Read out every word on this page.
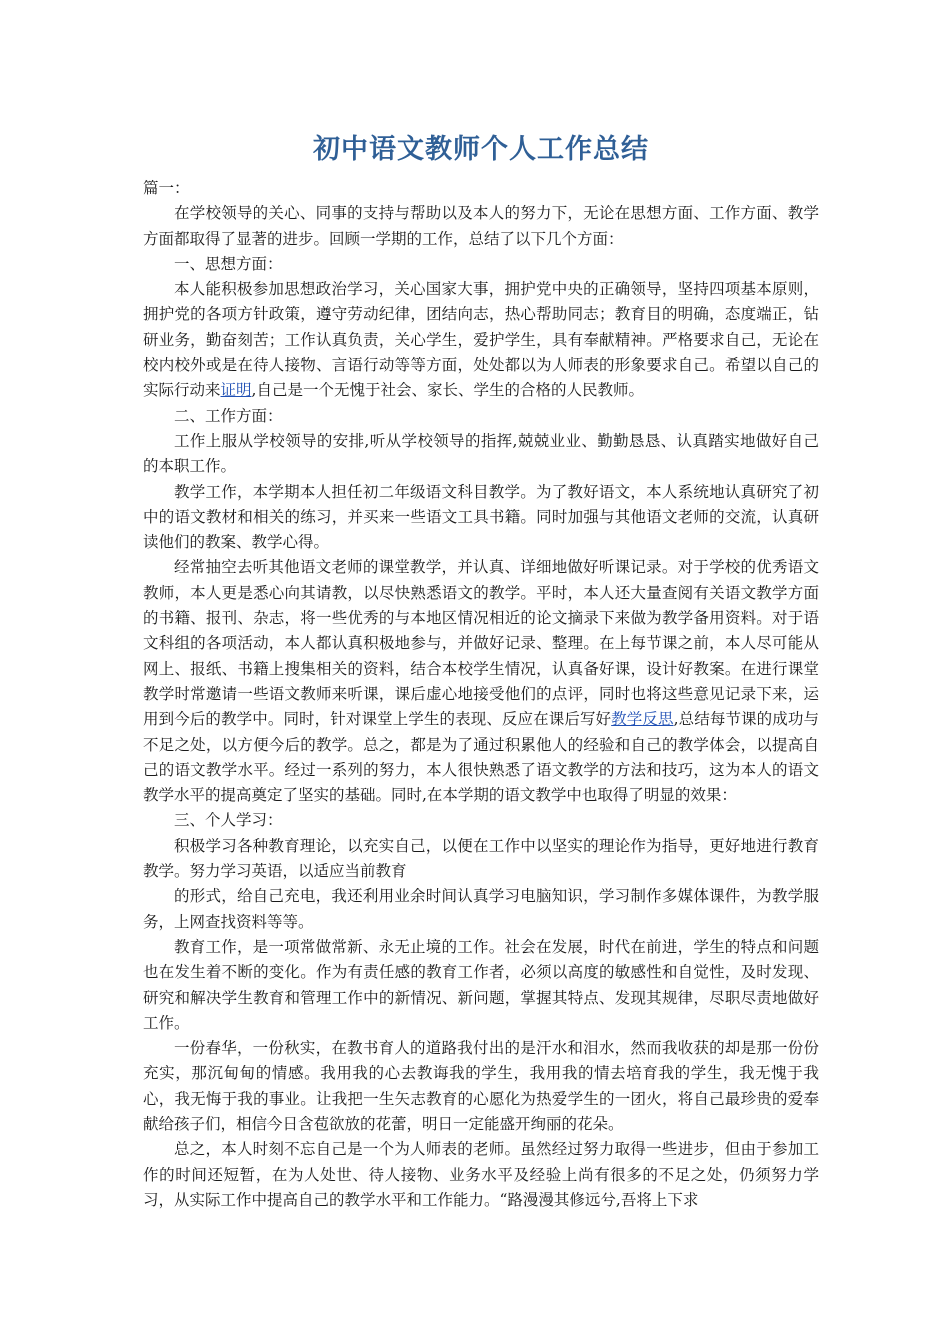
初中语文教师个人工作总结

篇一：

在学校领导的关心、同事的支持与帮助以及本人的努力下，无论在思想方面、工作方面、教学方面都取得了显著的进步。回顾一学期的工作，总结了以下几个方面：

一、思想方面：

本人能积极参加思想政治学习，关心国家大事，拥护党中央的正确领导，坚持四项基本原则，拥护党的各项方针政策，遵守劳动纪律，团结向志，热心帮助同志；教育目的明确，态度端正，钻研业务，勤奋刻苦；工作认真负责，关心学生，爱护学生，具有奉献精神。严格要求自己，无论在校内校外或是在待人接物、言语行动等等方面，处处都以为人师表的形象要求自己。希望以自己的实际行动来证明,自己是一个无愧于社会、家长、学生的合格的人民教师。

二、工作方面：

工作上服从学校领导的安排,听从学校领导的指挥,兢兢业业、勤勤恳恳、认真踏实地做好自己的本职工作。

教学工作，本学期本人担任初二年级语文科目教学。为了教好语文，本人系统地认真研究了初中的语文教材和相关的练习，并买来一些语文工具书籍。同时加强与其他语文老师的交流，认真研读他们的教案、教学心得。

经常抽空去听其他语文老师的课堂教学，并认真、详细地做好听课记录。对于学校的优秀语文教师，本人更是悉心向其请教，以尽快熟悉语文的教学。平时，本人还大量查阅有关语文教学方面的书籍、报刊、杂志，将一些优秀的与本地区情况相近的论文摘录下来做为教学备用资料。对于语文科组的各项活动，本人都认真积极地参与，并做好记录、整理。在上每节课之前，本人尽可能从网上、报纸、书籍上搜集相关的资料，结合本校学生情况，认真备好课，设计好教案。在进行课堂教学时常邀请一些语文教师来听课，课后虚心地接受他们的点评，同时也将这些意见记录下来，运用到今后的教学中。同时，针对课堂上学生的表现、反应在课后写好教学反思,总结每节课的成功与不足之处，以方便今后的教学。总之，都是为了通过积累他人的经验和自己的教学体会，以提高自己的语文教学水平。经过一系列的努力，本人很快熟悉了语文教学的方法和技巧，这为本人的语文教学水平的提高奠定了坚实的基础。同时,在本学期的语文教学中也取得了明显的效果：

三、个人学习：

积极学习各种教育理论，以充实自己，以便在工作中以坚实的理论作为指导，更好地进行教育教学。努力学习英语，以适应当前教育

的形式，给自己充电，我还利用业余时间认真学习电脑知识，学习制作多媒体课件，为教学服务，上网查找资料等等。

教育工作，是一项常做常新、永无止境的工作。社会在发展，时代在前进，学生的特点和问题也在发生着不断的变化。作为有责任感的教育工作者，必须以高度的敏感性和自觉性，及时发现、研究和解决学生教育和管理工作中的新情况、新问题，掌握其特点、发现其规律，尽职尽责地做好工作。

一份春华，一份秋实，在教书育人的道路我付出的是汗水和泪水，然而我收获的却是那一份份充实，那沉甸甸的情感。我用我的心去教诲我的学生，我用我的情去培育我的学生，我无愧于我心，我无悔于我的事业。让我把一生矢志教育的心愿化为热爱学生的一团火，将自己最珍贵的爱奉献给孩子们，相信今日含苞欲放的花蕾，明日一定能盛开绚丽的花朵。

总之，本人时刻不忘自己是一个为人师表的老师。虽然经过努力取得一些进步，但由于参加工作的时间还短暂，在为人处世、待人接物、业务水平及经验上尚有很多的不足之处，仍须努力学习，从实际工作中提高自己的教学水平和工作能力。“路漫漫其修远兮,吾将上下求
